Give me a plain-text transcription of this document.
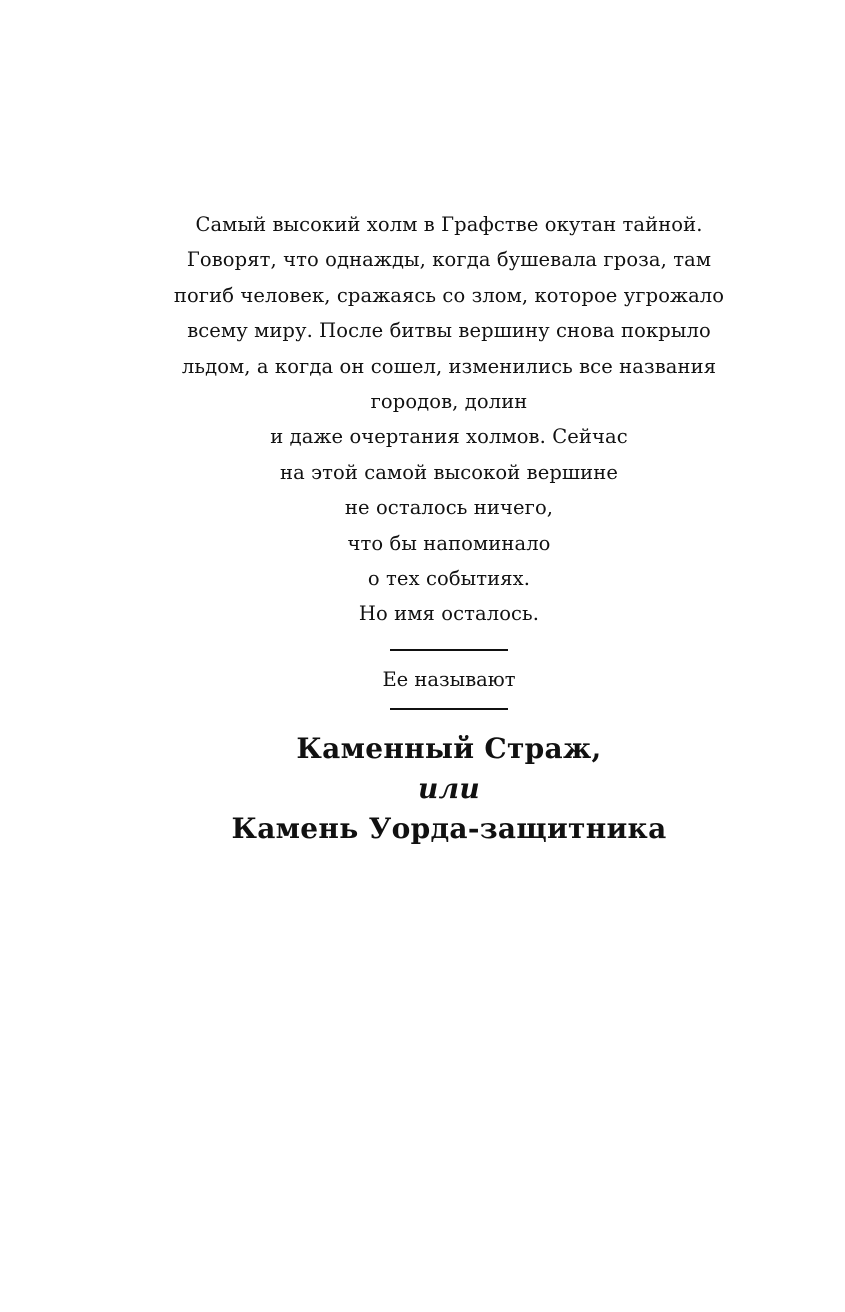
Самый высокий холм в Графстве окутан тайной.
Говорят, что однажды, когда бушевала гроза, там
погиб человек, сражаясь со злом, которое угрожало
всему миру. После битвы вершину снова покрыло
льдом, а когда он сошел, изменились все названия
городов, долин
и даже очертания холмов. Сейчас
на этой самой высокой вершине
не осталось ничего,
что бы напоминало
о тех событиях.
Но имя осталось.
Ее называют
Каменный Страж,
или
Камень Уорда-защитника
